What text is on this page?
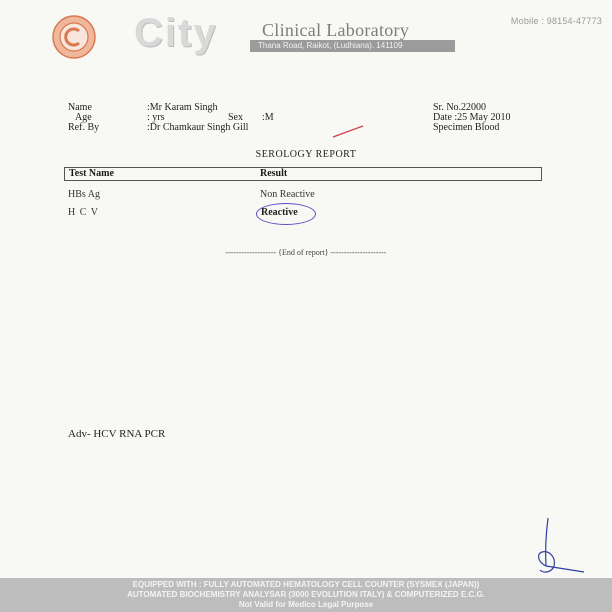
Mobile : 98154-47773
City Clinical Laboratory
Thana Road, Raikot, (Ludhiana). 141109
Name	:Mr Karam Singh
Age	: yrs	Sex :M
Ref. By	:Dr Chamkaur Singh Gill
Sr. No.22000
Date :25 May 2010
Specimen Blood
SEROLOGY REPORT
Test Name	Result
HBs Ag	Non Reactive
H C V	Reactive
------------------- {End of report} ---------------------
Adv- HCV RNA PCR
EQUIPPED WITH : FULLY AUTOMATED HEMATOLOGY CELL COUNTER (SYSMEX (JAPAN))
AUTOMATED BIOCHEMISTRY ANALYSAR (3000 EVOLUTION ITALY) & COMPUTERIZED E.C.G.
Not Valid for Medico Legal Purpose
